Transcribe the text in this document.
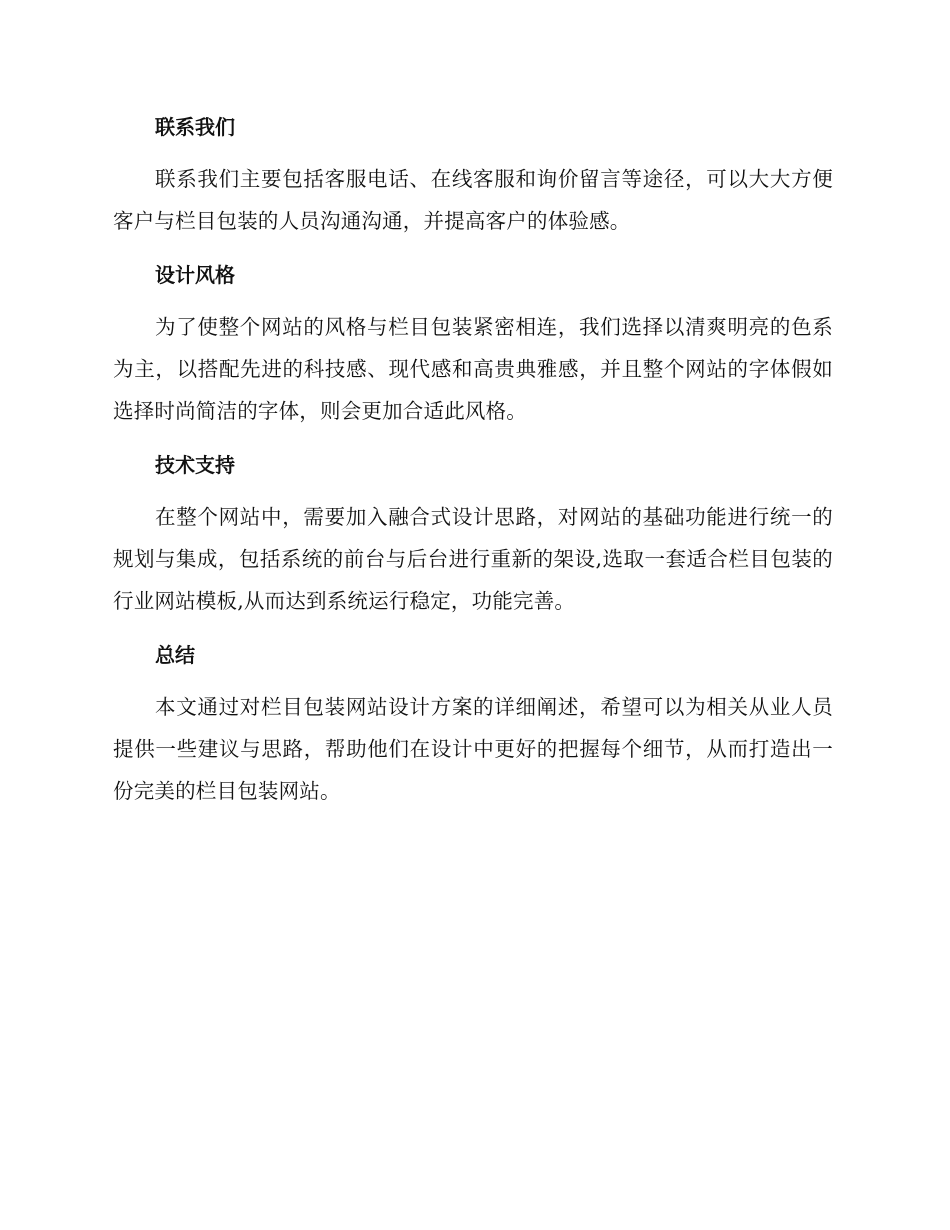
联系我们

联系我们主要包括客服电话、在线客服和询价留言等途径，可以大大方便客户与栏目包装的人员沟通沟通，并提高客户的体验感。

设计风格

为了使整个网站的风格与栏目包装紧密相连，我们选择以清爽明亮的色系为主，以搭配先进的科技感、现代感和高贵典雅感，并且整个网站的字体假如选择时尚简洁的字体，则会更加合适此风格。

技术支持

在整个网站中，需要加入融合式设计思路，对网站的基础功能进行统一的规划与集成，包括系统的前台与后台进行重新的架设,选取一套适合栏目包装的行业网站模板,从而达到系统运行稳定，功能完善。

总结

本文通过对栏目包装网站设计方案的详细阐述，希望可以为相关从业人员提供一些建议与思路，帮助他们在设计中更好的把握每个细节，从而打造出一份完美的栏目包装网站。
